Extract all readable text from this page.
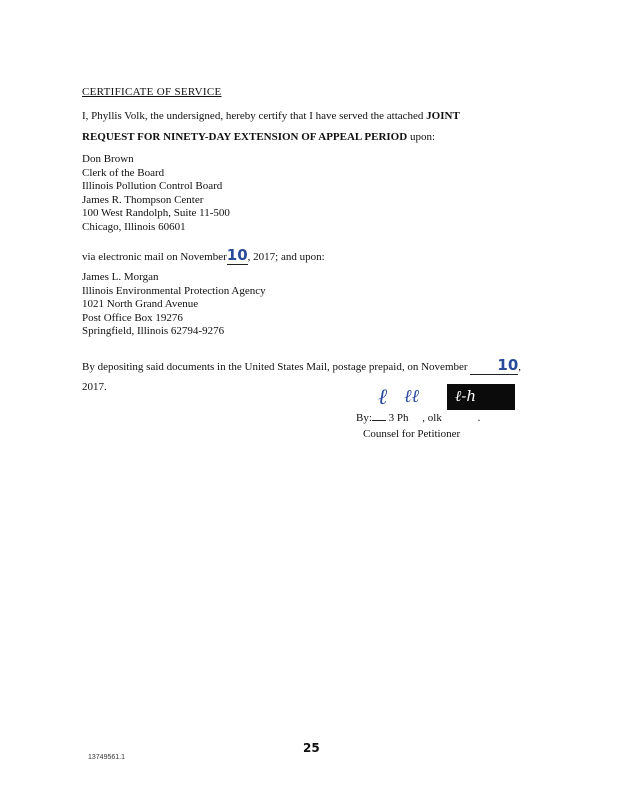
CERTIFICATE OF SERVICE
I, Phyllis Volk, the undersigned, hereby certify that I have served the attached JOINT
REQUEST FOR NINETY-DAY EXTENSION OF APPEAL PERIOD upon:
Don Brown
Clerk of the Board
Illinois Pollution Control Board
James R. Thompson Center
100 West Randolph, Suite 11-500
Chicago, Illinois 60601
via electronic mail on November10, 2017; and upon:
James L. Morgan
Illinois Environmental Protection Agency
1021 North Grand Avenue
Post Office Box 19276
Springfield, Illinois 62794-9276
By depositing said documents in the United States Mail, postage prepaid, on November 10,
2017.	ℓ ℓℓ ℓ-h
By: 3 Ph     , olk             .
Counsel for Petitioner
25
13749561.1
